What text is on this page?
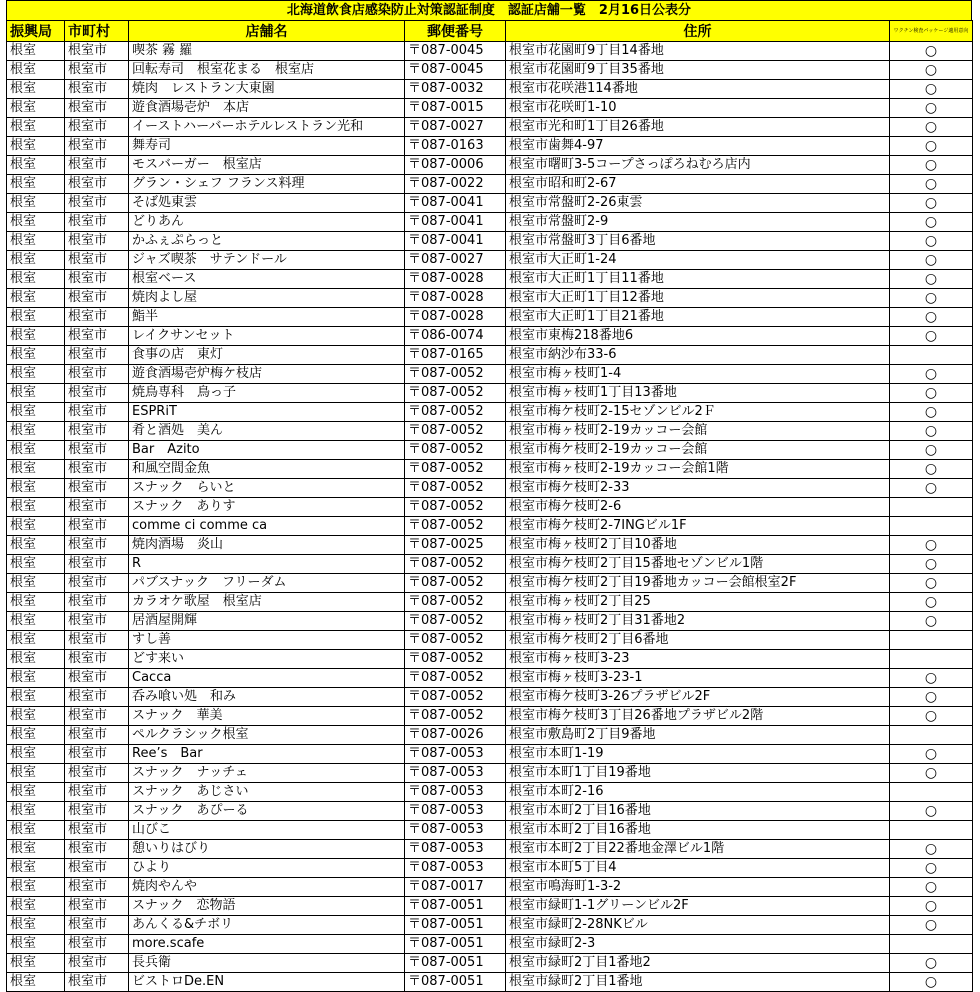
北海道飲食店感染防止対策認証制度　認証店舗一覧　2月16日公表分
振興局	市町村	店舗名	郵便番号	住所	ワクチン検査パッケージ適用意向
根室	根室市	喫茶 霧 羅	〒087-0045	根室市花園町9丁目14番地	○
根室	根室市	回転寿司　根室花まる　根室店	〒087-0045	根室市花園町9丁目35番地	○
根室	根室市	焼肉　レストラン大東園	〒087-0032	根室市花咲港114番地	○
根室	根室市	遊食酒場壱炉　本店	〒087-0015	根室市花咲町1-10	○
根室	根室市	イーストハーバーホテルレストラン光和	〒087-0027	根室市光和町1丁目26番地	○
根室	根室市	舞寿司	〒087-0163	根室市歯舞4-97	○
根室	根室市	モスバーガー　根室店	〒087-0006	根室市曙町3-5コープさっぽろねむろ店内	○
根室	根室市	グラン・シェフ フランス料理	〒087-0022	根室市昭和町2-67	○
根室	根室市	そば処東雲	〒087-0041	根室市常盤町2-26東雲	○
根室	根室市	どりあん	〒087-0041	根室市常盤町2-9	○
根室	根室市	かふぇぷらっと	〒087-0041	根室市常盤町3丁目6番地	○
根室	根室市	ジャズ喫茶　サテンドール	〒087-0027	根室市大正町1-24	○
根室	根室市	根室ベース	〒087-0028	根室市大正町1丁目11番地	○
根室	根室市	焼肉よし屋	〒087-0028	根室市大正町1丁目12番地	○
根室	根室市	鮨半	〒087-0028	根室市大正町1丁目21番地	○
根室	根室市	レイクサンセット	〒086-0074	根室市東梅218番地6	○
根室	根室市	食事の店　東灯	〒087-0165	根室市納沙布33-6	
根室	根室市	遊食酒場壱炉梅ケ枝店	〒087-0052	根室市梅ヶ枝町1-4	○
根室	根室市	焼鳥専科　鳥っ子	〒087-0052	根室市梅ヶ枝町1丁目13番地	○
根室	根室市	ESPRiT	〒087-0052	根室市梅ケ枝町2-15セゾンビル2Ｆ	○
根室	根室市	肴と酒処　美ん	〒087-0052	根室市梅ヶ枝町2-19カッコー会館	○
根室	根室市	Bar　Azito	〒087-0052	根室市梅ケ枝町2-19カッコー会館	○
根室	根室市	和風空間金魚	〒087-0052	根室市梅ヶ枝町2-19カッコー会館1階	○
根室	根室市	スナック　らいと	〒087-0052	根室市梅ケ枝町2-33	○
根室	根室市	スナック　ありす	〒087-0052	根室市梅ケ枝町2-6	
根室	根室市	comme ci comme ca	〒087-0052	根室市梅ケ枝町2-7INGビル1F	
根室	根室市	焼肉酒場　炎山	〒087-0025	根室市梅ヶ枝町2丁目10番地	○
根室	根室市	R	〒087-0052	根室市梅ケ枝町2丁目15番地セゾンビル1階	○
根室	根室市	パブスナック　フリーダム	〒087-0052	根室市梅ケ枝町2丁目19番地カッコー会館根室2F	○
根室	根室市	カラオケ歌屋　根室店	〒087-0052	根室市梅ヶ枝町2丁目25	○
根室	根室市	居酒屋開輝	〒087-0052	根室市梅ヶ枝町2丁目31番地2	○
根室	根室市	すし善	〒087-0052	根室市梅ケ枝町2丁目6番地	
根室	根室市	どす来い	〒087-0052	根室市梅ヶ枝町3-23	
根室	根室市	Cacca	〒087-0052	根室市梅ヶ枝町3-23-1	○
根室	根室市	呑み喰い処　和み	〒087-0052	根室市梅ケ枝町3-26プラザビル2F	○
根室	根室市	スナック　華美	〒087-0052	根室市梅ケ枝町3丁目26番地プラザビル2階	○
根室	根室市	ペルクラシック根室	〒087-0026	根室市敷島町2丁目9番地	
根室	根室市	Ree’s　Bar	〒087-0053	根室市本町1-19	○
根室	根室市	スナック　ナッチェ	〒087-0053	根室市本町1丁目19番地	○
根室	根室市	スナック　あじさい	〒087-0053	根室市本町2-16	
根室	根室市	スナック　あぴーる	〒087-0053	根室市本町2丁目16番地	○
根室	根室市	山びこ	〒087-0053	根室市本町2丁目16番地	
根室	根室市	憩いりはびり	〒087-0053	根室市本町2丁目22番地金澤ビル1階	○
根室	根室市	ひより	〒087-0053	根室市本町5丁目4	○
根室	根室市	焼肉やんや	〒087-0017	根室市鳴海町1-3-2	○
根室	根室市	スナック　恋物語	〒087-0051	根室市緑町1-1グリーンビル2F	○
根室	根室市	あんくる&チボリ	〒087-0051	根室市緑町2-28NKビル	○
根室	根室市	more.scafe	〒087-0051	根室市緑町2-3	
根室	根室市	長兵衛	〒087-0051	根室市緑町2丁目1番地2	○
根室	根室市	ビストロDe.EN	〒087-0051	根室市緑町2丁目1番地	○
